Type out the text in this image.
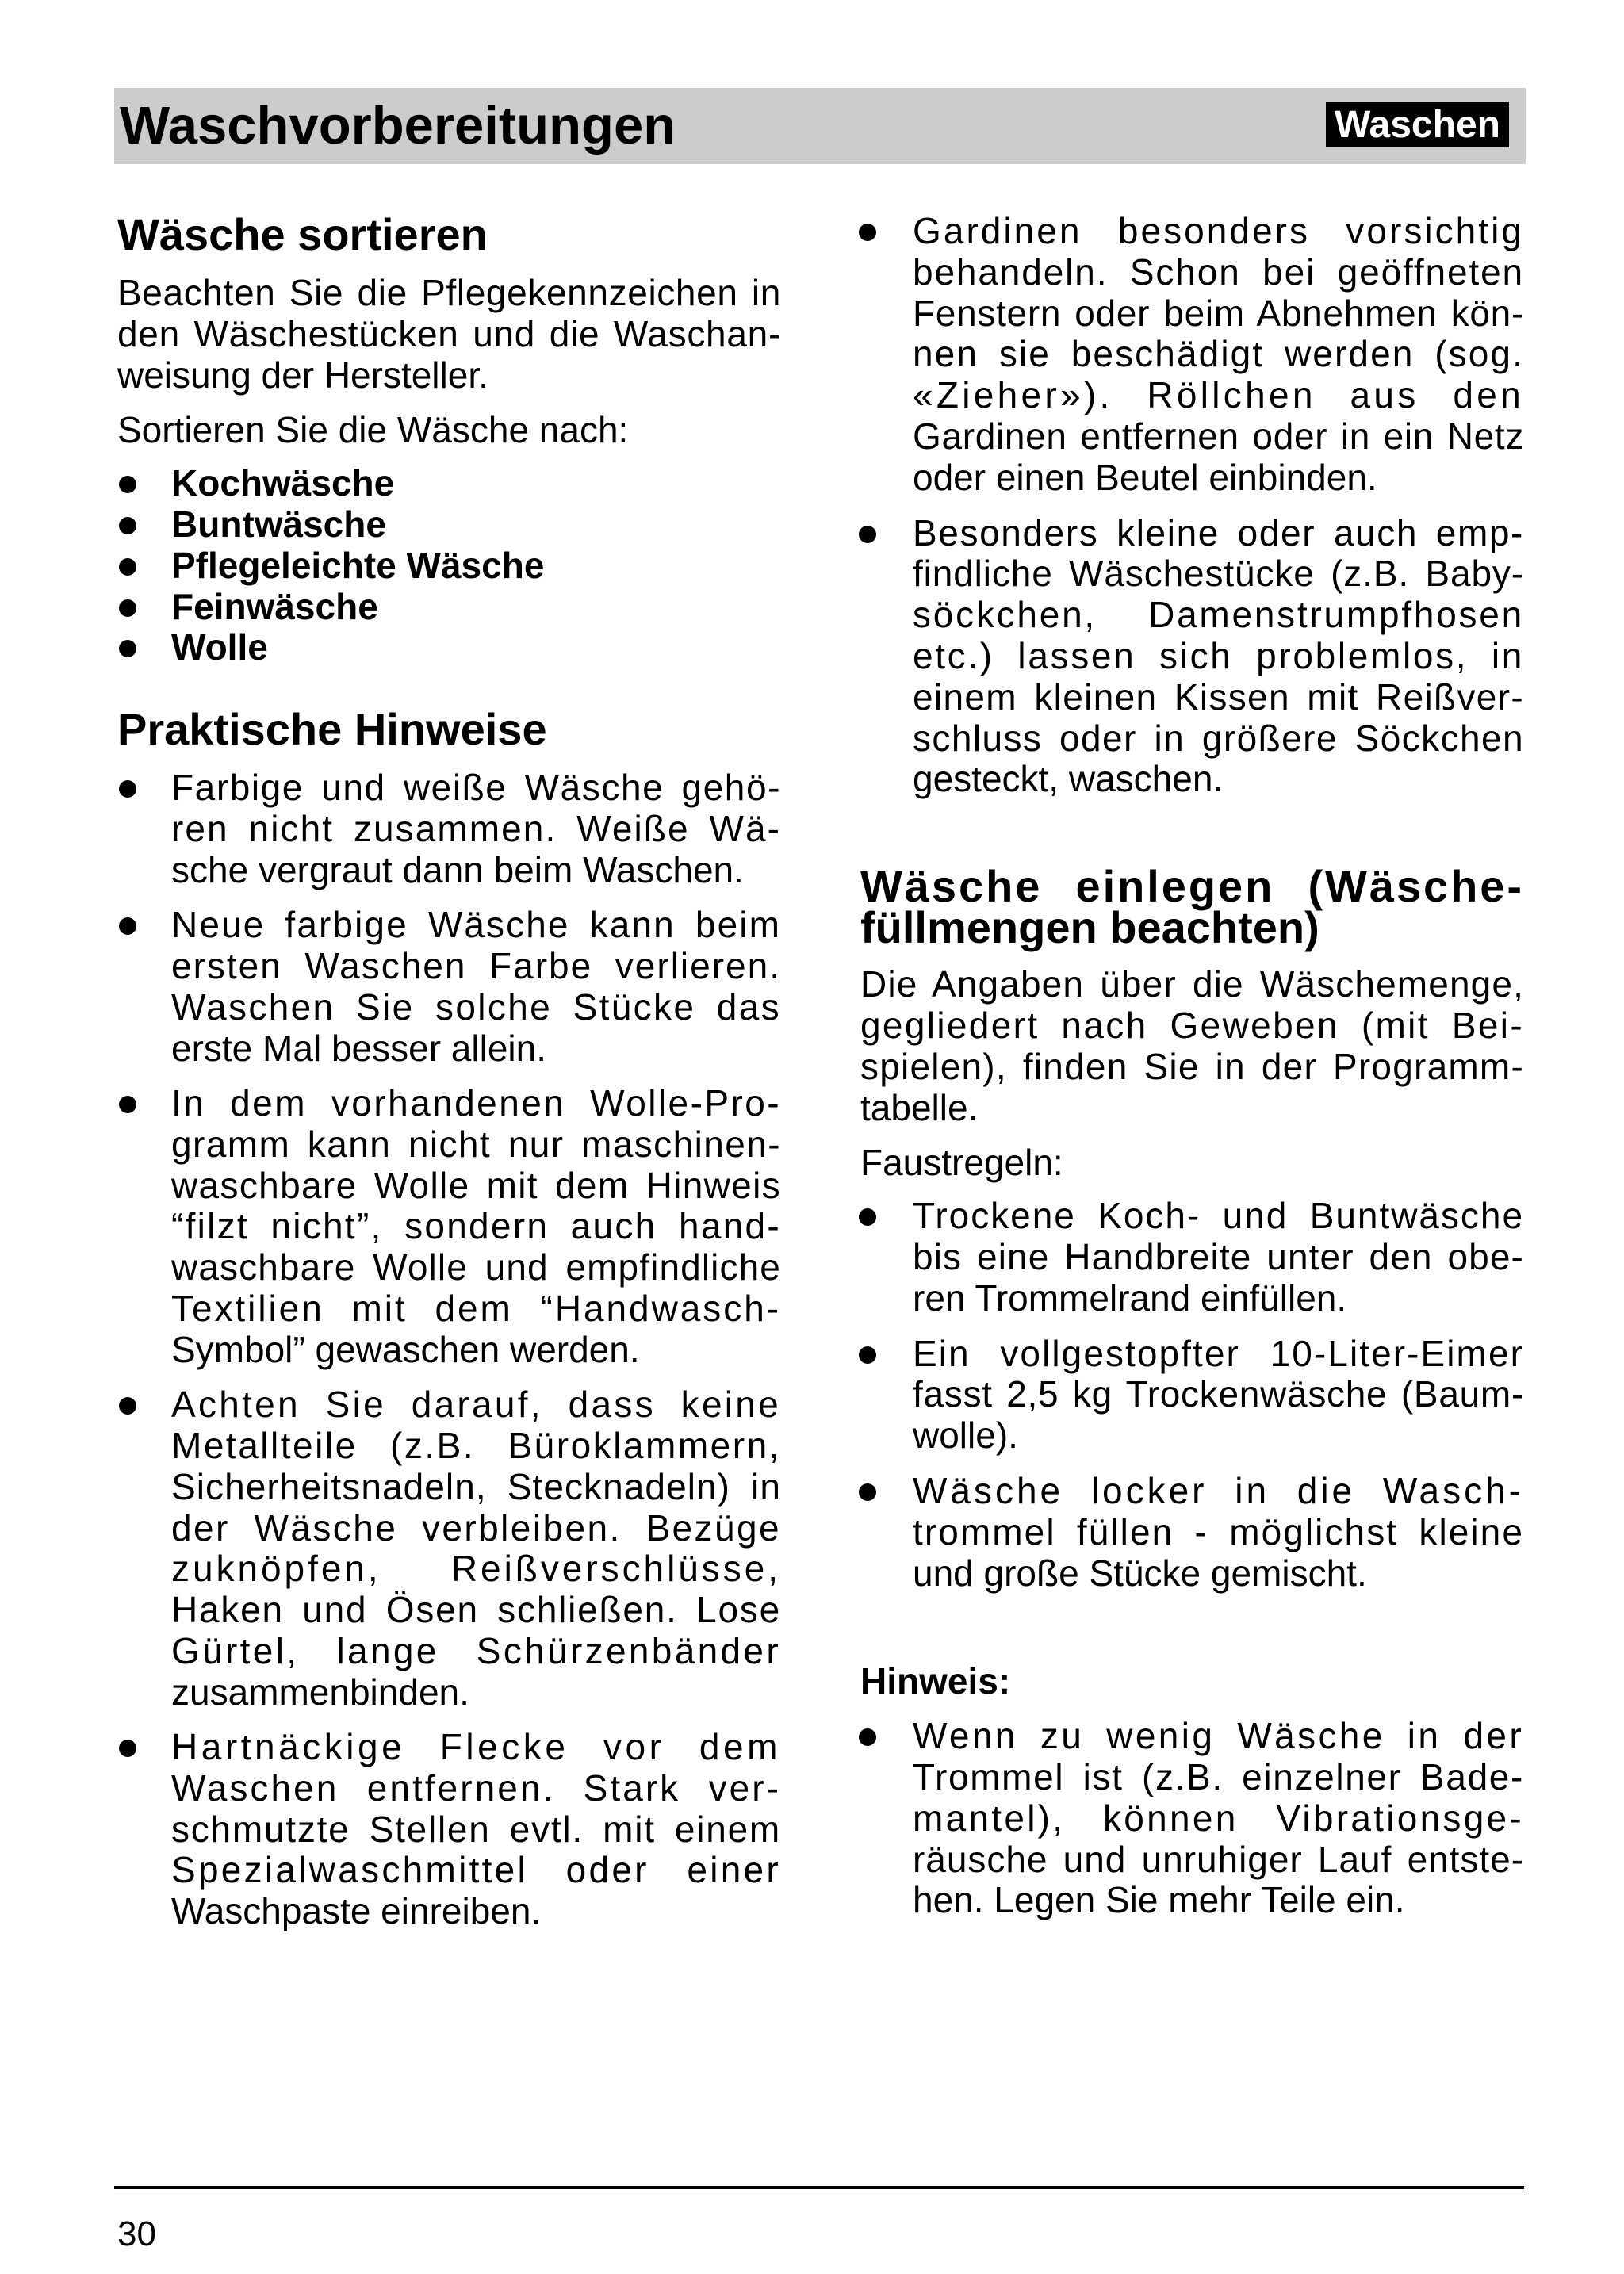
Waschvorbereitungen	Waschen
Wäsche sortieren
Beachten Sie die Pflegekennzeichen in
den Wäschestücken und die Waschan-
weisung der Hersteller.
Sortieren Sie die Wäsche nach:
Kochwäsche
Buntwäsche
Pflegeleichte Wäsche
Feinwäsche
Wolle
Praktische Hinweise
Farbige und weiße Wäsche gehö-
ren nicht zusammen. Weiße Wä-
sche vergraut dann beim Waschen.
Neue farbige Wäsche kann beim
ersten Waschen Farbe verlieren.
Waschen Sie solche Stücke das
erste Mal besser allein.
In dem vorhandenen Wolle-Pro-
gramm kann nicht nur maschinen-
waschbare Wolle mit dem Hinweis
“filzt nicht”, sondern auch hand-
waschbare Wolle und empfindliche
Textilien mit dem “Handwasch-
Symbol” gewaschen werden.
Achten Sie darauf, dass keine
Metallteile (z.B. Büroklammern,
Sicherheitsnadeln, Stecknadeln) in
der Wäsche verbleiben. Bezüge
zuknöpfen, Reißverschlüsse,
Haken und Ösen schließen. Lose
Gürtel, lange Schürzenbänder
zusammenbinden.
Hartnäckige Flecke vor dem
Waschen entfernen. Stark ver-
schmutzte Stellen evtl. mit einem
Spezialwaschmittel oder einer
Waschpaste einreiben.
Gardinen besonders vorsichtig
behandeln. Schon bei geöffneten
Fenstern oder beim Abnehmen kön-
nen sie beschädigt werden (sog.
«Zieher»). Röllchen aus den
Gardinen entfernen oder in ein Netz
oder einen Beutel einbinden.
Besonders kleine oder auch emp-
findliche Wäschestücke (z.B. Baby-
söckchen, Damenstrumpfhosen
etc.) lassen sich problemlos, in
einem kleinen Kissen mit Reißver-
schluss oder in größere Söckchen
gesteckt, waschen.
Wäsche einlegen (Wäsche-
füllmengen beachten)
Die Angaben über die Wäschemenge,
gegliedert nach Geweben (mit Bei-
spielen), finden Sie in der Programm-
tabelle.
Faustregeln:
Trockene Koch- und Buntwäsche
bis eine Handbreite unter den obe-
ren Trommelrand einfüllen.
Ein vollgestopfter 10-Liter-Eimer
fasst 2,5 kg Trockenwäsche (Baum-
wolle).
Wäsche locker in die Wasch-
trommel füllen - möglichst kleine
und große Stücke gemischt.
Hinweis:
Wenn zu wenig Wäsche in der
Trommel ist (z.B. einzelner Bade-
mantel), können Vibrationsge-
räusche und unruhiger Lauf entste-
hen. Legen Sie mehr Teile ein.
30
